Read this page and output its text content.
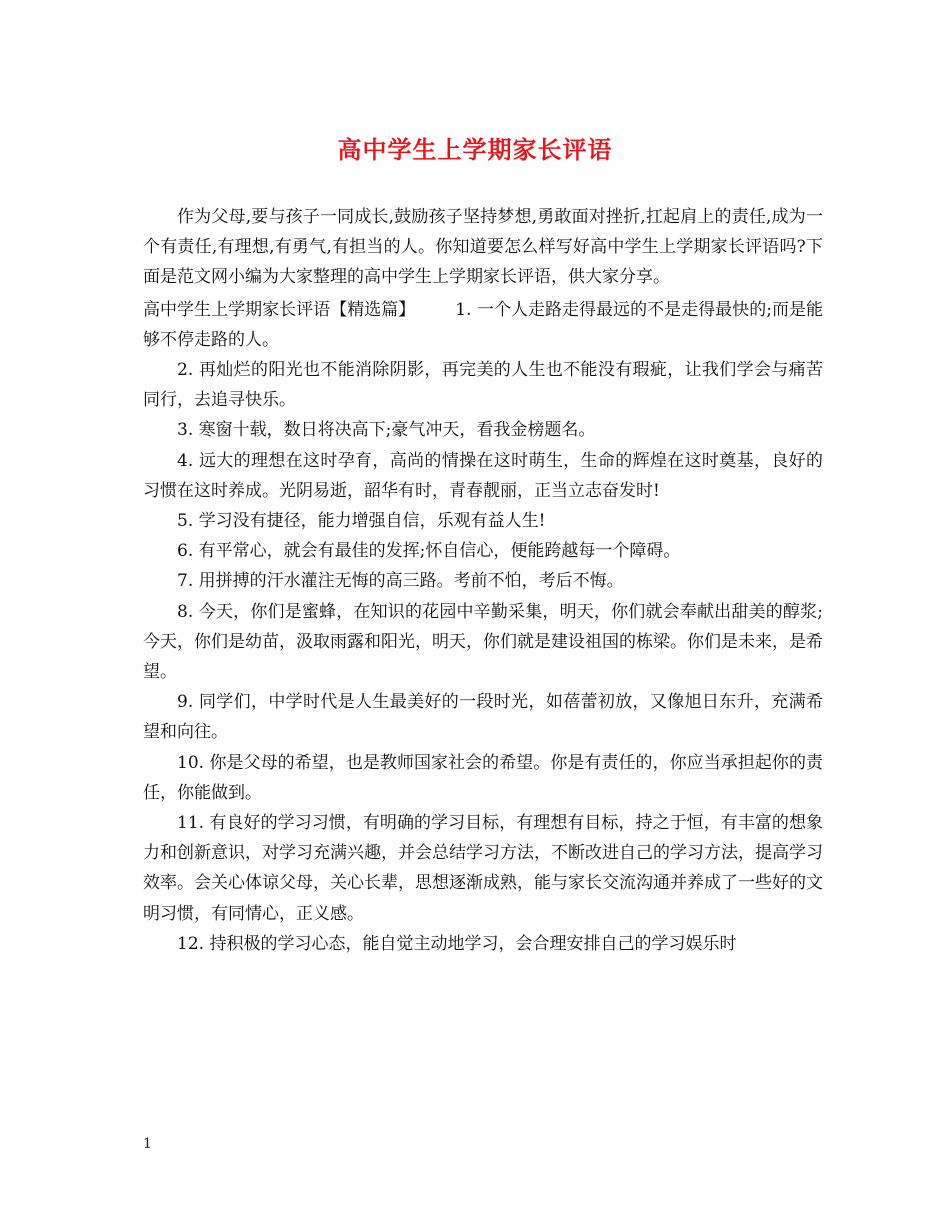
高中学生上学期家长评语

作为父母,要与孩子一同成长,鼓励孩子坚持梦想,勇敢面对挫折,扛起肩上的责任,成为一个有责任,有理想,有勇气,有担当的人。你知道要怎么样写好高中学生上学期家长评语吗?下面是范文网小编为大家整理的高中学生上学期家长评语，供大家分享。

高中学生上学期家长评语【精选篇】 1. 一个人走路走得最远的不是走得最快的;而是能够不停走路的人。

2. 再灿烂的阳光也不能消除阴影，再完美的人生也不能没有瑕疵，让我们学会与痛苦同行，去追寻快乐。

3. 寒窗十载，数日将决高下;豪气冲天，看我金榜题名。

4. 远大的理想在这时孕育，高尚的情操在这时萌生，生命的辉煌在这时奠基，良好的习惯在这时养成。光阴易逝，韶华有时，青春靓丽，正当立志奋发时!

5. 学习没有捷径，能力增强自信，乐观有益人生!

6. 有平常心，就会有最佳的发挥;怀自信心，便能跨越每一个障碍。

7. 用拼搏的汗水灌注无悔的高三路。考前不怕，考后不悔。

8. 今天，你们是蜜蜂，在知识的花园中辛勤采集，明天，你们就会奉献出甜美的醇浆;今天，你们是幼苗，汲取雨露和阳光，明天，你们就是建设祖国的栋梁。你们是未来，是希望。

9. 同学们，中学时代是人生最美好的一段时光，如蓓蕾初放，又像旭日东升，充满希望和向往。

10. 你是父母的希望，也是教师国家社会的希望。你是有责任的，你应当承担起你的责任，你能做到。

11. 有良好的学习习惯，有明确的学习目标，有理想有目标，持之于恒，有丰富的想象力和创新意识，对学习充满兴趣，并会总结学习方法，不断改进自己的学习方法，提高学习效率。会关心体谅父母，关心长辈，思想逐渐成熟，能与家长交流沟通并养成了一些好的文明习惯，有同情心，正义感。

12. 持积极的学习心态，能自觉主动地学习，会合理安排自己的学习娱乐时

1
